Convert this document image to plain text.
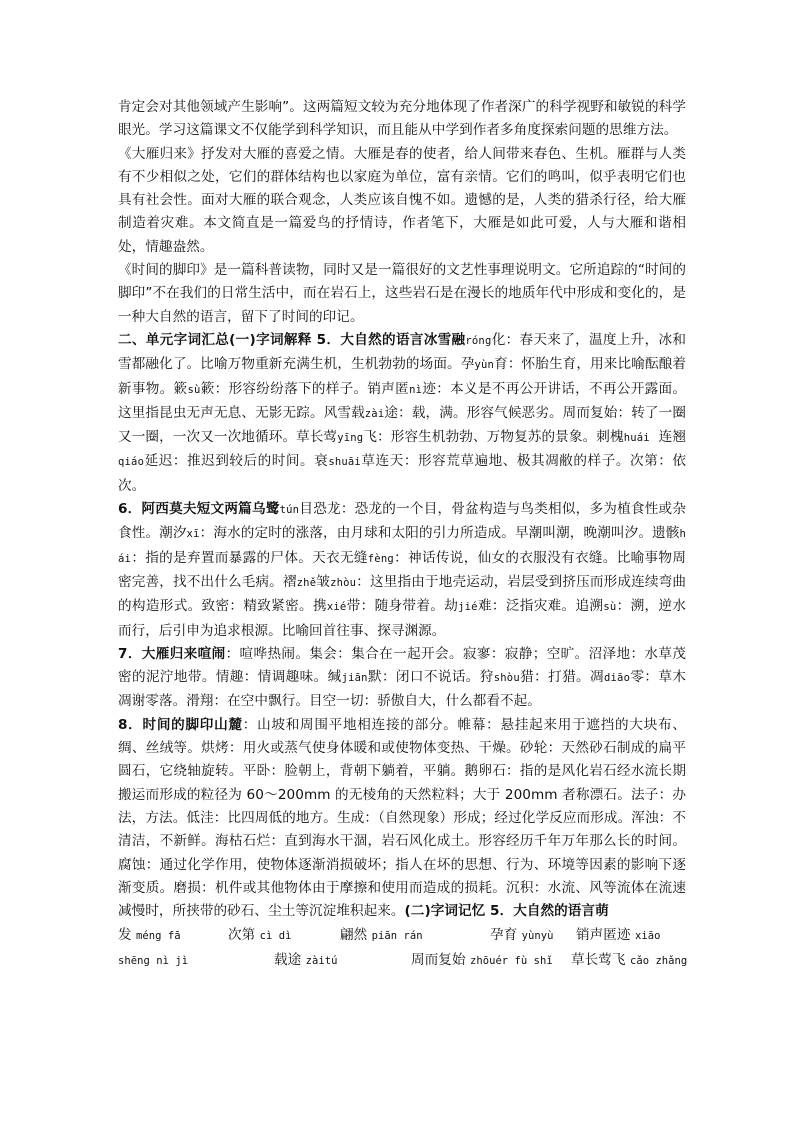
肯定会对其他领域产生影响”。这两篇短文较为充分地体现了作者深广的科学视野和敏锐的科学眼光。学习这篇课文不仅能学到科学知识，而且能从中学到作者多角度探索问题的思维方法。

《大雁归来》抒发对大雁的喜爱之情。大雁是春的使者，给人间带来春色、生机。雁群与人类有不少相似之处，它们的群体结构也以家庭为单位，富有亲情。它们的鸣叫，似乎表明它们也具有社会性。面对大雁的联合观念，人类应该自愧不如。遗憾的是，人类的猎杀行径，给大雁制造着灾难。本文简直是一篇爱鸟的抒情诗，作者笔下，大雁是如此可爱，人与大雁和谐相处，情趣盎然。

《时间的脚印》是一篇科普读物，同时又是一篇很好的文艺性事理说明文。它所追踪的“时间的脚印”不在我们的日常生活中，而在岩石上，这些岩石是在漫长的地质年代中形成和变化的，是一种大自然的语言，留下了时间的印记。

二、单元字词汇总(一)字词解释 5．大自然的语言冰雪融róng化：春天来了，温度上升，冰和雪都融化了。比喻万物重新充满生机，生机勃勃的场面。孕yùn育：怀胎生育，用来比喻酝酿着新事物。簌sù簌：形容纷纷落下的样子。销声匿nì迹：本义是不再公开讲话，不再公开露面。这里指昆虫无声无息、无影无踪。风雪载zài途：载，满。形容气候恶劣。周而复始：转了一圈又一圈，一次又一次地循环。草长莺yīng飞：形容生机勃勃、万物复苏的景象。刺槐huái  连翘qiáo延迟：推迟到较后的时间。衰shuāi草连天：形容荒草遍地、极其凋敝的样子。次第：依次。

6．阿西莫夫短文两篇乌鹭tún目恐龙：恐龙的一个目，骨盆构造与鸟类相似，多为植食性或杂食性。潮汐xī：海水的定时的涨落，由月球和太阳的引力所造成。早潮叫潮，晚潮叫汐。遗骸hái：指的是弃置而暴露的尸体。天衣无缝fèng：神话传说，仙女的衣服没有衣缝。比喻事物周密完善，找不出什么毛病。褶zhě皱zhòu：这里指由于地壳运动，岩层受到挤压而形成连续弯曲的构造形式。致密：精致紧密。携xié带：随身带着。劫jié难：泛指灾难。追溯sù：溯，逆水而行，后引申为追求根源。比喻回首往事、探寻渊源。

7．大雁归来喧闹：喧哗热闹。集会：集合在一起开会。寂寥：寂静；空旷。沼泽地：水草茂密的泥泞地带。情趣：情调趣味。缄jiān默：闭口不说话。狩shòu猎：打猎。凋diāo零：草木凋谢零落。滑翔：在空中飘行。目空一切：骄傲自大，什么都看不起。

8．时间的脚印山麓：山坡和周围平地相连接的部分。帷幕：悬挂起来用于遮挡的大块布、绸、丝绒等。烘烤：用火或蒸气使身体暖和或使物体变热、干燥。砂轮：天然砂石制成的扁平圆石，它绕轴旋转。平卧：脸朝上，背朝下躺着，平躺。鹅卵石：指的是风化岩石经水流长期搬运而形成的粒径为 60～200mm 的无棱角的天然粒料；大于 200mm 者称漂石。法子：办法，方法。低洼：比四周低的地方。生成：（自然现象）形成；经过化学反应而形成。浑浊：不清洁，不新鲜。海枯石烂：直到海水干涸，岩石风化成土。形容经历千年万年那么长的时间。腐蚀：通过化学作用，使物体逐渐消损破坏；指人在坏的思想、行为、环境等因素的影响下逐渐变质。磨损：机件或其他物体由于摩擦和使用而造成的损耗。沉积：水流、风等流体在流速减慢时，所挟带的砂石、尘土等沉淀堆积起来。(二)字词记忆 5．大自然的语言萌

发 méng fā	次第 cì dì	翩然 piān rán	孕育 yùnyù	销声匿迹 xiāo
shēng nì jì	载途 zàitú	周而复始 zhōuér fù shǐ	草长莺飞 cǎo zhǎng
